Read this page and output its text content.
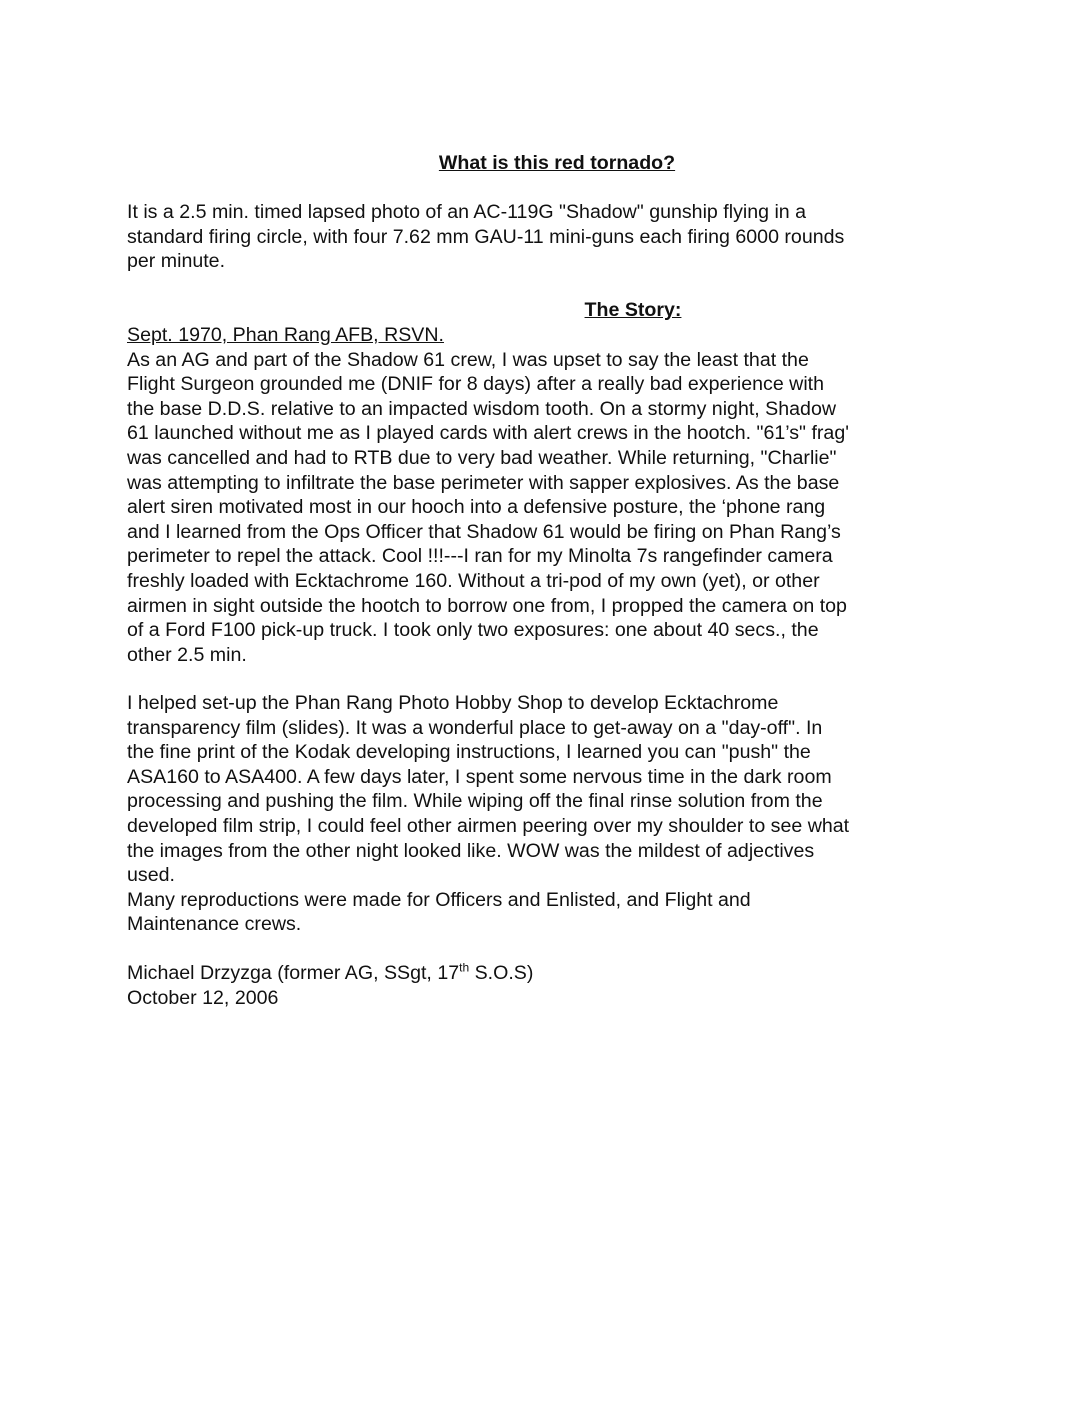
What is this red tornado?
It is a 2.5 min. timed lapsed photo of an AC-119G "Shadow" gunship flying in a
standard firing circle, with four 7.62 mm GAU-11 mini-guns each firing 6000 rounds
per minute.
The Story:
Sept. 1970, Phan Rang AFB, RSVN.
As an AG and part of the Shadow 61 crew, I was upset to say the least that the
Flight Surgeon grounded me (DNIF for 8 days) after a really bad experience with
the base D.D.S. relative to an impacted wisdom tooth. On a stormy night, Shadow
61 launched without me as I played cards with alert crews in the hootch. "61’s" frag'
was cancelled and had to RTB due to very bad weather. While returning, "Charlie"
was attempting to infiltrate the base perimeter with sapper explosives. As the base
alert siren motivated most in our hooch into a defensive posture, the ‘phone rang
and I learned from the Ops Officer that Shadow 61 would be firing on Phan Rang’s
perimeter to repel the attack. Cool !!!---I ran for my Minolta 7s rangefinder camera
freshly loaded with Ecktachrome 160. Without a tri-pod of my own (yet), or other
airmen in sight outside the hootch to borrow one from, I propped the camera on top
of a Ford F100 pick-up truck. I took only two exposures: one about 40 secs., the
other 2.5 min.
I helped set-up the Phan Rang Photo Hobby Shop to develop Ecktachrome
transparency film (slides). It was a wonderful place to get-away on a "day-off". In
the fine print of the Kodak developing instructions, I learned you can "push" the
ASA160 to ASA400. A few days later, I spent some nervous time in the dark room
processing and pushing the film. While wiping off the final rinse solution from the
developed film strip, I could feel other airmen peering over my shoulder to see what
the images from the other night looked like. WOW was the mildest of adjectives
used.
Many reproductions were made for Officers and Enlisted, and Flight and
Maintenance crews.
Michael Drzyzga (former AG, SSgt, 17th S.O.S)
October 12, 2006
